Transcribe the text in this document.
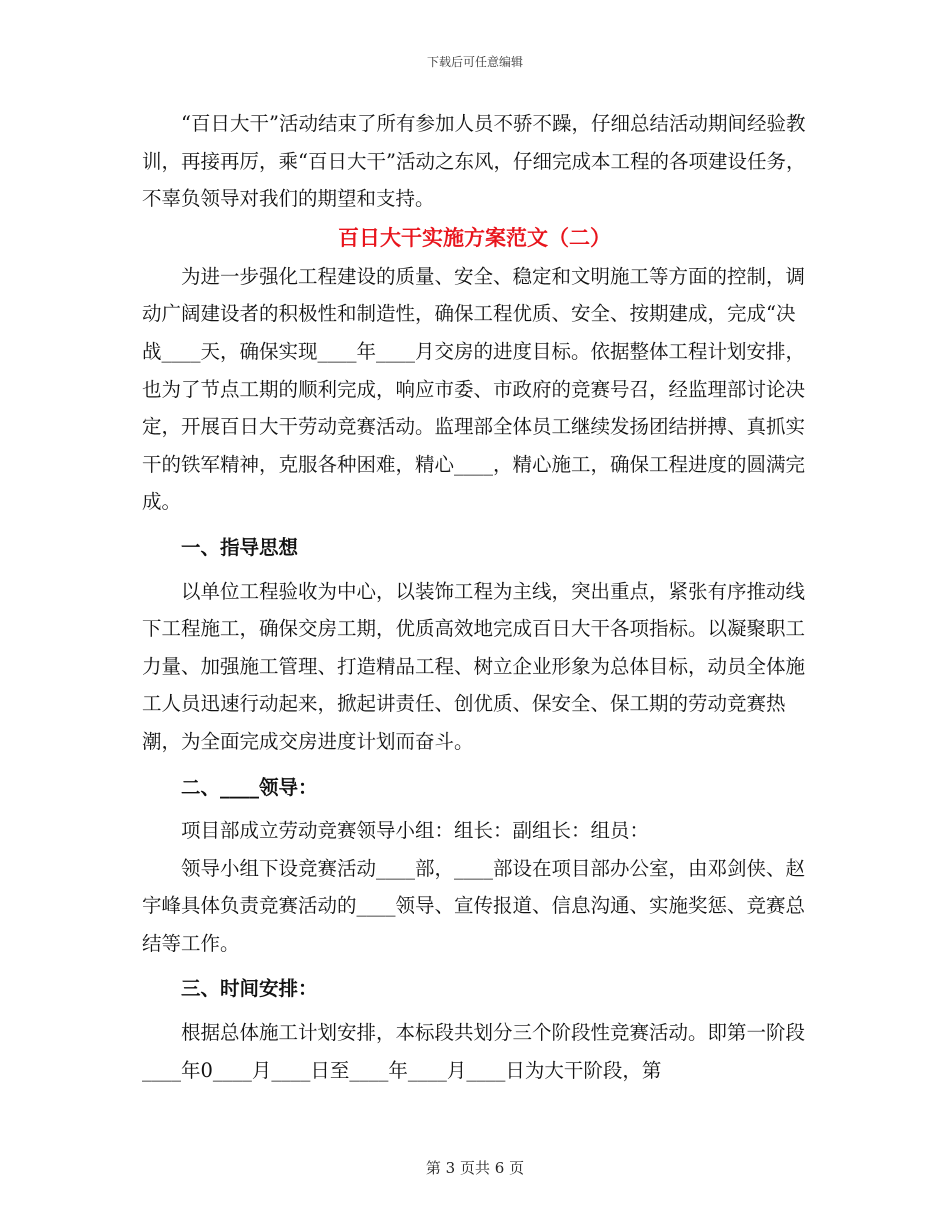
下载后可任意编辑

“百日大干”活动结束了所有参加人员不骄不躁，仔细总结活动期间经验教训，再接再厉，乘“百日大干”活动之东风，仔细完成本工程的各项建设任务，不辜负领导对我们的期望和支持。

百日大干实施方案范文（二）

为进一步强化工程建设的质量、安全、稳定和文明施工等方面的控制，调动广阔建设者的积极性和制造性，确保工程优质、安全、按期建成，完成“决战____天，确保实现____年____月交房的进度目标。依据整体工程计划安排，也为了节点工期的顺利完成，响应市委、市政府的竞赛号召，经监理部讨论决定，开展百日大干劳动竞赛活动。监理部全体员工继续发扬团结拼搏、真抓实干的铁军精神，克服各种困难，精心____，精心施工，确保工程进度的圆满完成。

一、指导思想

以单位工程验收为中心，以装饰工程为主线，突出重点，紧张有序推动线下工程施工，确保交房工期，优质高效地完成百日大干各项指标。以凝聚职工力量、加强施工管理、打造精品工程、树立企业形象为总体目标，动员全体施工人员迅速行动起来，掀起讲责任、创优质、保安全、保工期的劳动竞赛热潮，为全面完成交房进度计划而奋斗。

二、____领导：

项目部成立劳动竞赛领导小组：组长：副组长：组员：

领导小组下设竞赛活动____部，____部设在项目部办公室，由邓剑侠、赵宇峰具体负责竞赛活动的____领导、宣传报道、信息沟通、实施奖惩、竞赛总结等工作。

三、时间安排：

根据总体施工计划安排，本标段共划分三个阶段性竞赛活动。即第一阶段____年0____月____日至____年____月____日为大干阶段，第

第 3 页共 6 页
